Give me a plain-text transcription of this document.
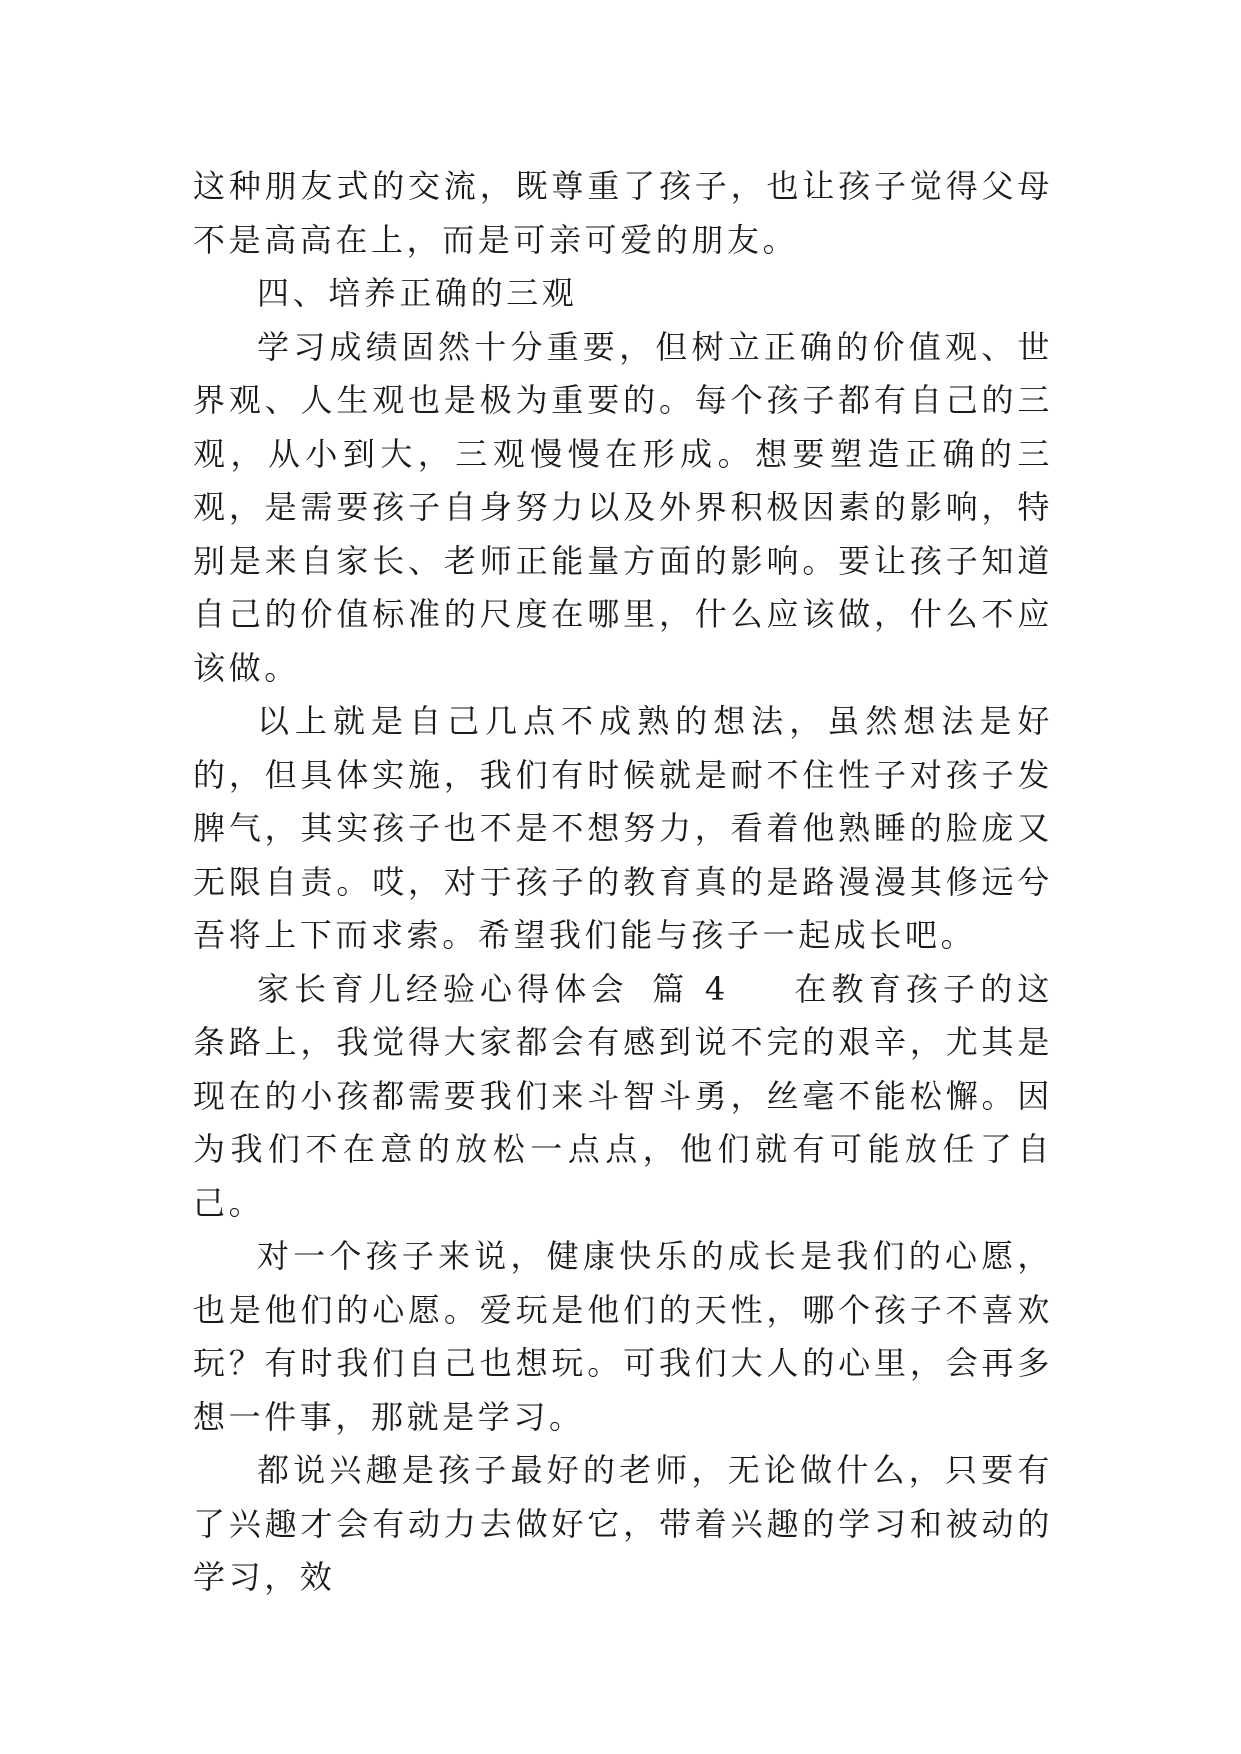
这种朋友式的交流，既尊重了孩子，也让孩子觉得父母不是高高在上，而是可亲可爱的朋友。

四、培养正确的三观

学习成绩固然十分重要，但树立正确的价值观、世界观、人生观也是极为重要的。每个孩子都有自己的三观，从小到大，三观慢慢在形成。想要塑造正确的三观，是需要孩子自身努力以及外界积极因素的影响，特别是来自家长、老师正能量方面的影响。要让孩子知道自己的价值标准的尺度在哪里，什么应该做，什么不应该做。

以上就是自己几点不成熟的想法，虽然想法是好的，但具体实施，我们有时候就是耐不住性子对孩子发脾气，其实孩子也不是不想努力，看着他熟睡的脸庞又无限自责。哎，对于孩子的教育真的是路漫漫其修远兮吾将上下而求索。希望我们能与孩子一起成长吧。

家长育儿经验心得体会 篇 4 在教育孩子的这条路上，我觉得大家都会有感到说不完的艰辛，尤其是现在的小孩都需要我们来斗智斗勇，丝毫不能松懈。因为我们不在意的放松一点点，他们就有可能放任了自己。

对一个孩子来说，健康快乐的成长是我们的心愿，也是他们的心愿。爱玩是他们的天性，哪个孩子不喜欢玩？有时我们自己也想玩。可我们大人的心里，会再多想一件事，那就是学习。

都说兴趣是孩子最好的老师，无论做什么，只要有了兴趣才会有动力去做好它，带着兴趣的学习和被动的学习，效
